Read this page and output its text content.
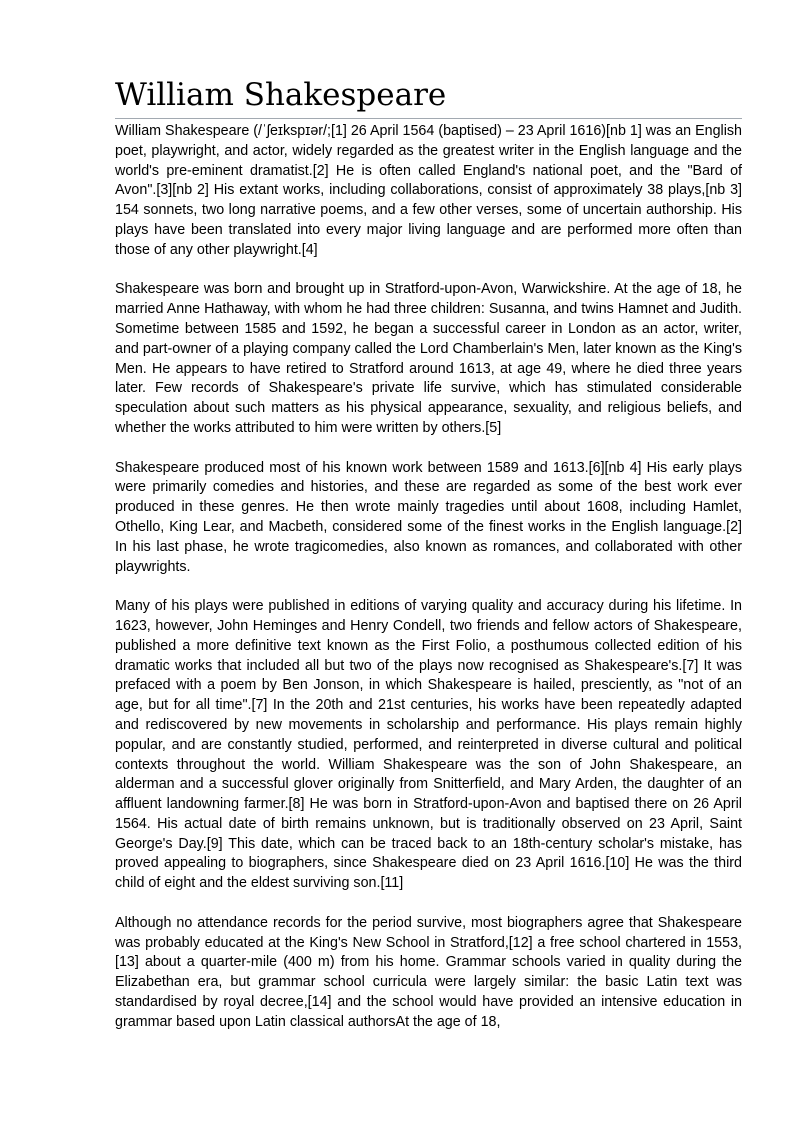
William Shakespeare

William Shakespeare (/ˈʃeɪkspɪər/;[1] 26 April 1564 (baptised) – 23 April 1616)[nb 1] was an English poet, playwright, and actor, widely regarded as the greatest writer in the English language and the world's pre-eminent dramatist.[2] He is often called England's national poet, and the "Bard of Avon".[3][nb 2] His extant works, including collaborations, consist of approximately 38 plays,[nb 3] 154 sonnets, two long narrative poems, and a few other verses, some of uncertain authorship. His plays have been translated into every major living language and are performed more often than those of any other playwright.[4]

Shakespeare was born and brought up in Stratford-upon-Avon, Warwickshire. At the age of 18, he married Anne Hathaway, with whom he had three children: Susanna, and twins Hamnet and Judith. Sometime between 1585 and 1592, he began a successful career in London as an actor, writer, and part-owner of a playing company called the Lord Chamberlain's Men, later known as the King's Men. He appears to have retired to Stratford around 1613, at age 49, where he died three years later. Few records of Shakespeare's private life survive, which has stimulated considerable speculation about such matters as his physical appearance, sexuality, and religious beliefs, and whether the works attributed to him were written by others.[5]

Shakespeare produced most of his known work between 1589 and 1613.[6][nb 4] His early plays were primarily comedies and histories, and these are regarded as some of the best work ever produced in these genres. He then wrote mainly tragedies until about 1608, including Hamlet, Othello, King Lear, and Macbeth, considered some of the finest works in the English language.[2] In his last phase, he wrote tragicomedies, also known as romances, and collaborated with other playwrights.

Many of his plays were published in editions of varying quality and accuracy during his lifetime. In 1623, however, John Heminges and Henry Condell, two friends and fellow actors of Shakespeare, published a more definitive text known as the First Folio, a posthumous collected edition of his dramatic works that included all but two of the plays now recognised as Shakespeare's.[7] It was prefaced with a poem by Ben Jonson, in which Shakespeare is hailed, presciently, as "not of an age, but for all time".[7] In the 20th and 21st centuries, his works have been repeatedly adapted and rediscovered by new movements in scholarship and performance. His plays remain highly popular, and are constantly studied, performed, and reinterpreted in diverse cultural and political contexts throughout the world. William Shakespeare was the son of John Shakespeare, an alderman and a successful glover originally from Snitterfield, and Mary Arden, the daughter of an affluent landowning farmer.[8] He was born in Stratford-upon-Avon and baptised there on 26 April 1564. His actual date of birth remains unknown, but is traditionally observed on 23 April, Saint George's Day.[9] This date, which can be traced back to an 18th-century scholar's mistake, has proved appealing to biographers, since Shakespeare died on 23 April 1616.[10] He was the third child of eight and the eldest surviving son.[11]

Although no attendance records for the period survive, most biographers agree that Shakespeare was probably educated at the King's New School in Stratford,[12] a free school chartered in 1553,[13] about a quarter-mile (400 m) from his home. Grammar schools varied in quality during the Elizabethan era, but grammar school curricula were largely similar: the basic Latin text was standardised by royal decree,[14] and the school would have provided an intensive education in grammar based upon Latin classical authorsAt the age of 18,
